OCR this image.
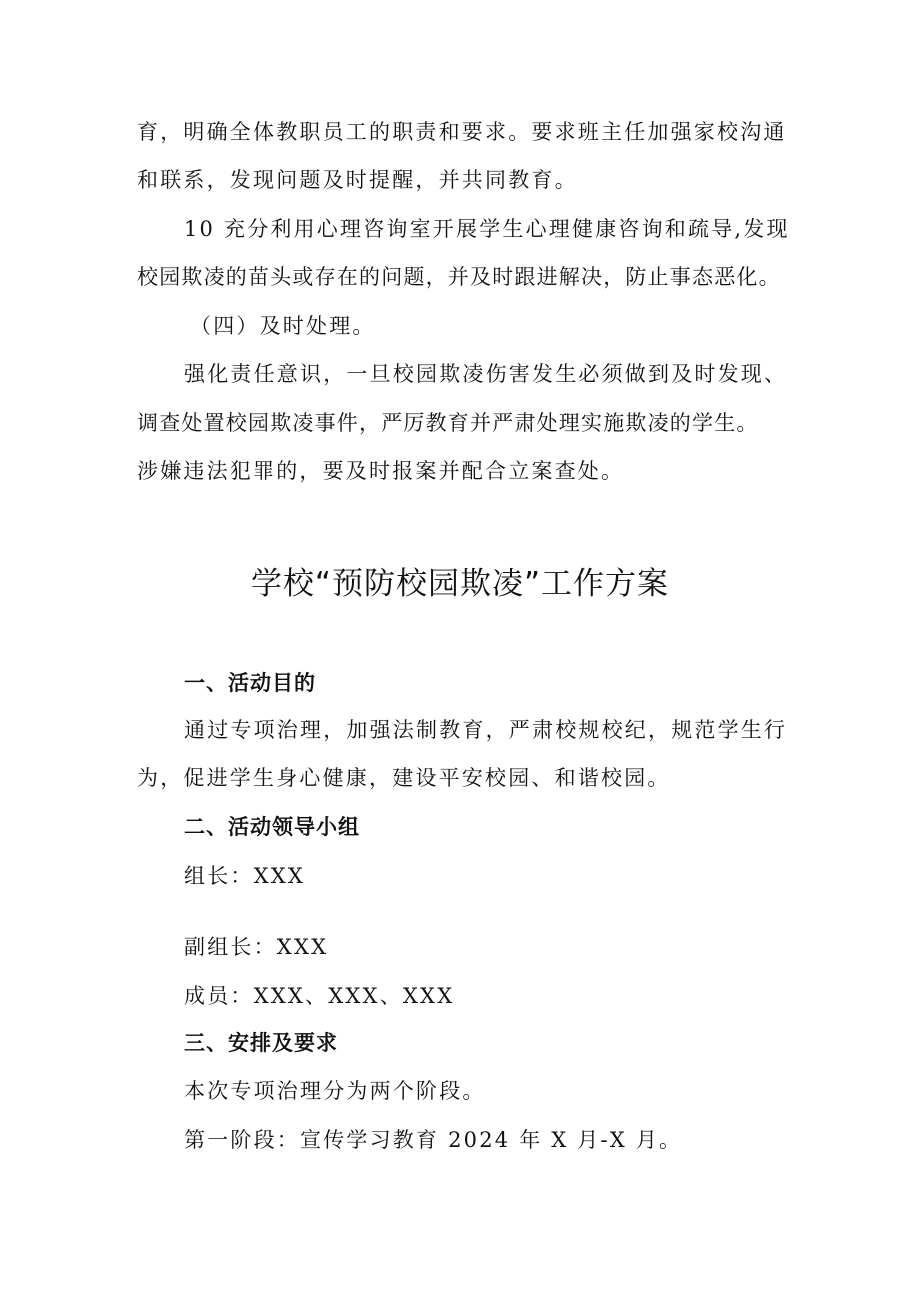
育，明确全体教职员工的职责和要求。要求班主任加强家校沟通
和联系，发现问题及时提醒，并共同教育。
10 充分利用心理咨询室开展学生心理健康咨询和疏导,发现
校园欺凌的苗头或存在的问题，并及时跟进解决，防止事态恶化。
（四）及时处理。
强化责任意识，一旦校园欺凌伤害发生必须做到及时发现、
调查处置校园欺凌事件，严厉教育并严肃处理实施欺凌的学生。
涉嫌违法犯罪的，要及时报案并配合立案查处。
学校“预防校园欺凌”工作方案
一、活动目的
通过专项治理，加强法制教育，严肃校规校纪，规范学生行
为，促进学生身心健康，建设平安校园、和谐校园。
二、活动领导小组
组长：XXX
副组长：XXX
成员：XXX、XXX、XXX
三、安排及要求
本次专项治理分为两个阶段。
第一阶段：宣传学习教育 2024 年 X 月-X 月。
